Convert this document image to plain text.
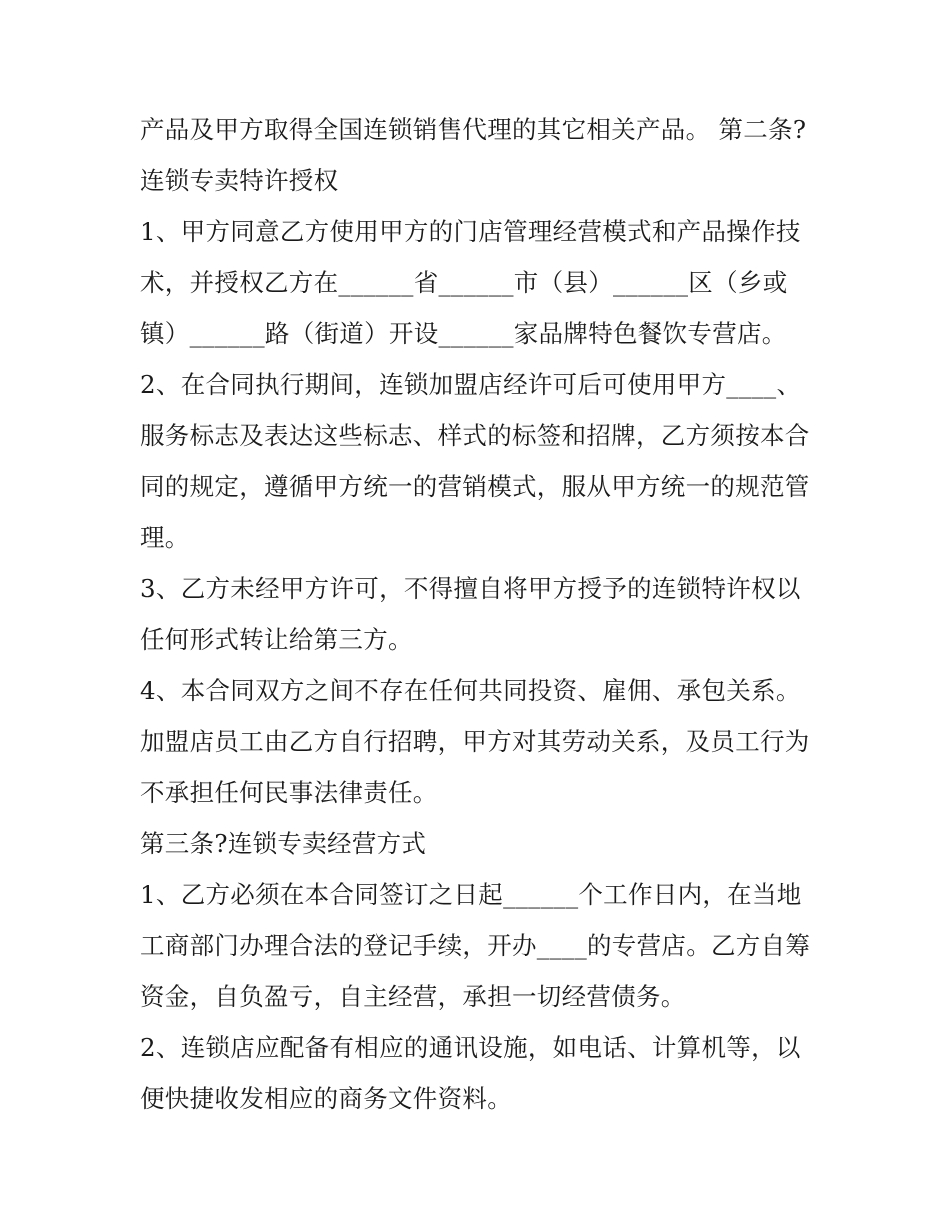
产品及甲方取得全国连锁销售代理的其它相关产品。 第二条?
连锁专卖特许授权
1、甲方同意乙方使用甲方的门店管理经营模式和产品操作技
术，并授权乙方在______省______市（县）______区（乡或
镇）______路（街道）开设______家品牌特色餐饮专营店。
2、在合同执行期间，连锁加盟店经许可后可使用甲方____、
服务标志及表达这些标志、样式的标签和招牌，乙方须按本合
同的规定，遵循甲方统一的营销模式，服从甲方统一的规范管
理。
3、乙方未经甲方许可，不得擅自将甲方授予的连锁特许权以
任何形式转让给第三方。
4、本合同双方之间不存在任何共同投资、雇佣、承包关系。
加盟店员工由乙方自行招聘，甲方对其劳动关系，及员工行为
不承担任何民事法律责任。
第三条?连锁专卖经营方式
1、乙方必须在本合同签订之日起______个工作日内，在当地
工商部门办理合法的登记手续，开办____的专营店。乙方自筹
资金，自负盈亏，自主经营，承担一切经营债务。
2、连锁店应配备有相应的通讯设施，如电话、计算机等，以
便快捷收发相应的商务文件资料。
